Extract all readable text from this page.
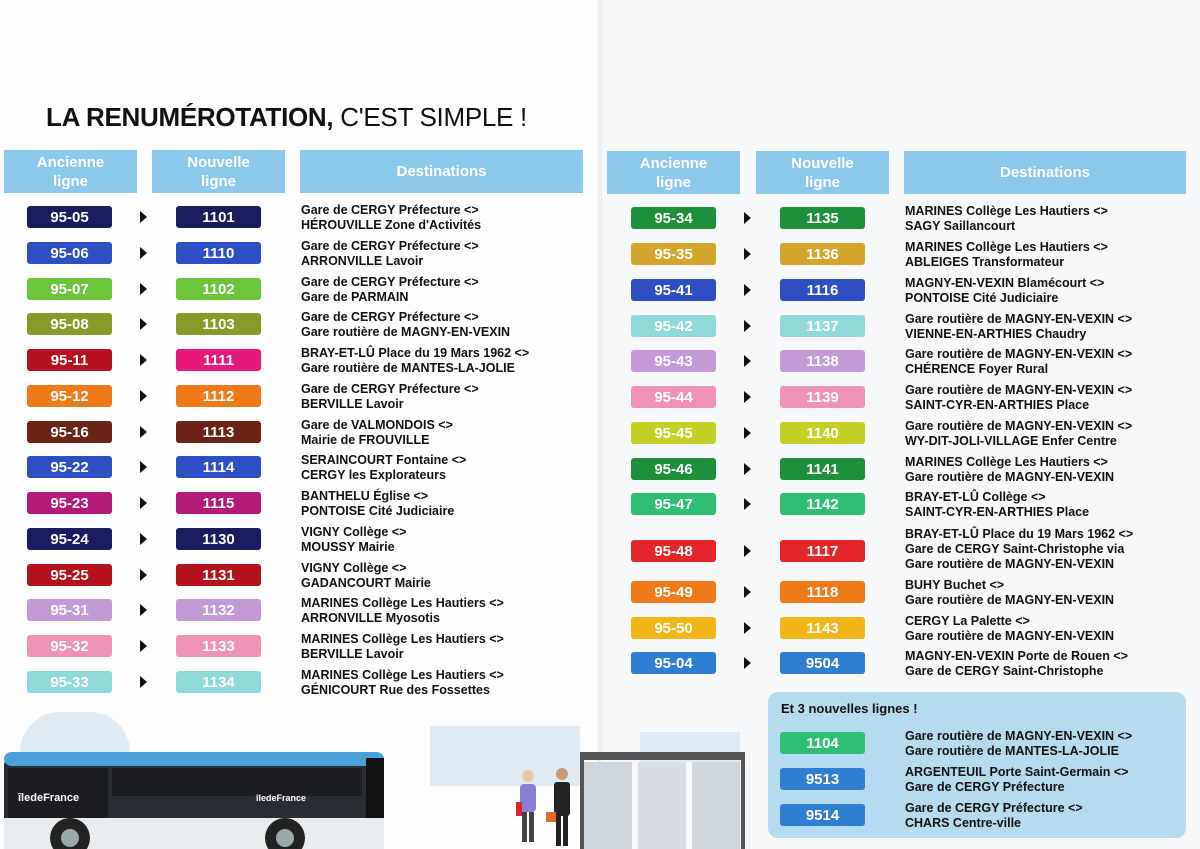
LA RENUMÉROTATION, C'EST SIMPLE !
Ancienne ligne
Nouvelle ligne
Destinations	Ancienne ligne
Nouvelle ligne
Destinations
95-05	1101	Gare de CERGY Préfecture <>
HÉROUVILLE Zone d'Activités
95-06	1110	Gare de CERGY Préfecture <>
ARRONVILLE Lavoir
95-07	1102	Gare de CERGY Préfecture <>
Gare de PARMAIN
95-08	1103	Gare de CERGY Préfecture <>
Gare routière de MAGNY-EN-VEXIN
95-11	1111	BRAY-ET-LÛ Place du 19 Mars 1962 <>
Gare routière de MANTES-LA-JOLIE
95-12	1112	Gare de CERGY Préfecture <>
BERVILLE Lavoir
95-16	1113	Gare de VALMONDOIS <>
Mairie de FROUVILLE
95-22	1114	SERAINCOURT Fontaine <>
CERGY les Explorateurs
95-23	1115	BANTHELU Église <>
PONTOISE Cité Judiciaire
95-24	1130	VIGNY Collège <>
MOUSSY Mairie
95-25	1131	VIGNY Collège <>
GADANCOURT Mairie
95-31	1132	MARINES Collège Les Hautiers <>
ARRONVILLE Myosotis
95-32	1133	MARINES Collège Les Hautiers <>
BERVILLE Lavoir
95-33	1134	MARINES Collège Les Hautiers <>
GÉNICOURT Rue des Fossettes
95-34	1135	MARINES Collège Les Hautiers <>
SAGY Saillancourt
95-35	1136	MARINES Collège Les Hautiers <>
ABLEIGES Transformateur
95-41	1116	MAGNY-EN-VEXIN Blamécourt <>
PONTOISE Cité Judiciaire
95-42	1137	Gare routière de MAGNY-EN-VEXIN <>
VIENNE-EN-ARTHIES Chaudry
95-43	1138	Gare routière de MAGNY-EN-VEXIN <>
CHÉRENCE Foyer Rural
95-44	1139	Gare routière de MAGNY-EN-VEXIN <>
SAINT-CYR-EN-ARTHIES Place
95-45	1140	Gare routière de MAGNY-EN-VEXIN <>
WY-DIT-JOLI-VILLAGE Enfer Centre
95-46	1141	MARINES Collège Les Hautiers <>
Gare routière de MAGNY-EN-VEXIN
95-47	1142	BRAY-ET-LÛ Collège <>
SAINT-CYR-EN-ARTHIES Place
95-48	1117
BRAY-ET-LÛ Place du 19 Mars 1962 <>
Gare de CERGY Saint-Christophe via
Gare routière de MAGNY-EN-VEXIN
95-49	1118	BUHY Buchet <>
Gare routière de MAGNY-EN-VEXIN
95-50	1143	CERGY La Palette <>
Gare routière de MAGNY-EN-VEXIN
95-04	9504	MAGNY-EN-VEXIN Porte de Rouen <>
Gare de CERGY Saint-Christophe
Et 3 nouvelles lignes !
1104	Gare routière de MAGNY-EN-VEXIN <>
Gare routière de MANTES-LA-JOLIE
9513	ARGENTEUIL Porte Saint-Germain <>
Gare de CERGY Préfecture
9514	Gare de CERGY Préfecture <>
CHARS Centre-ville
îledeFrance	îledeFrance
